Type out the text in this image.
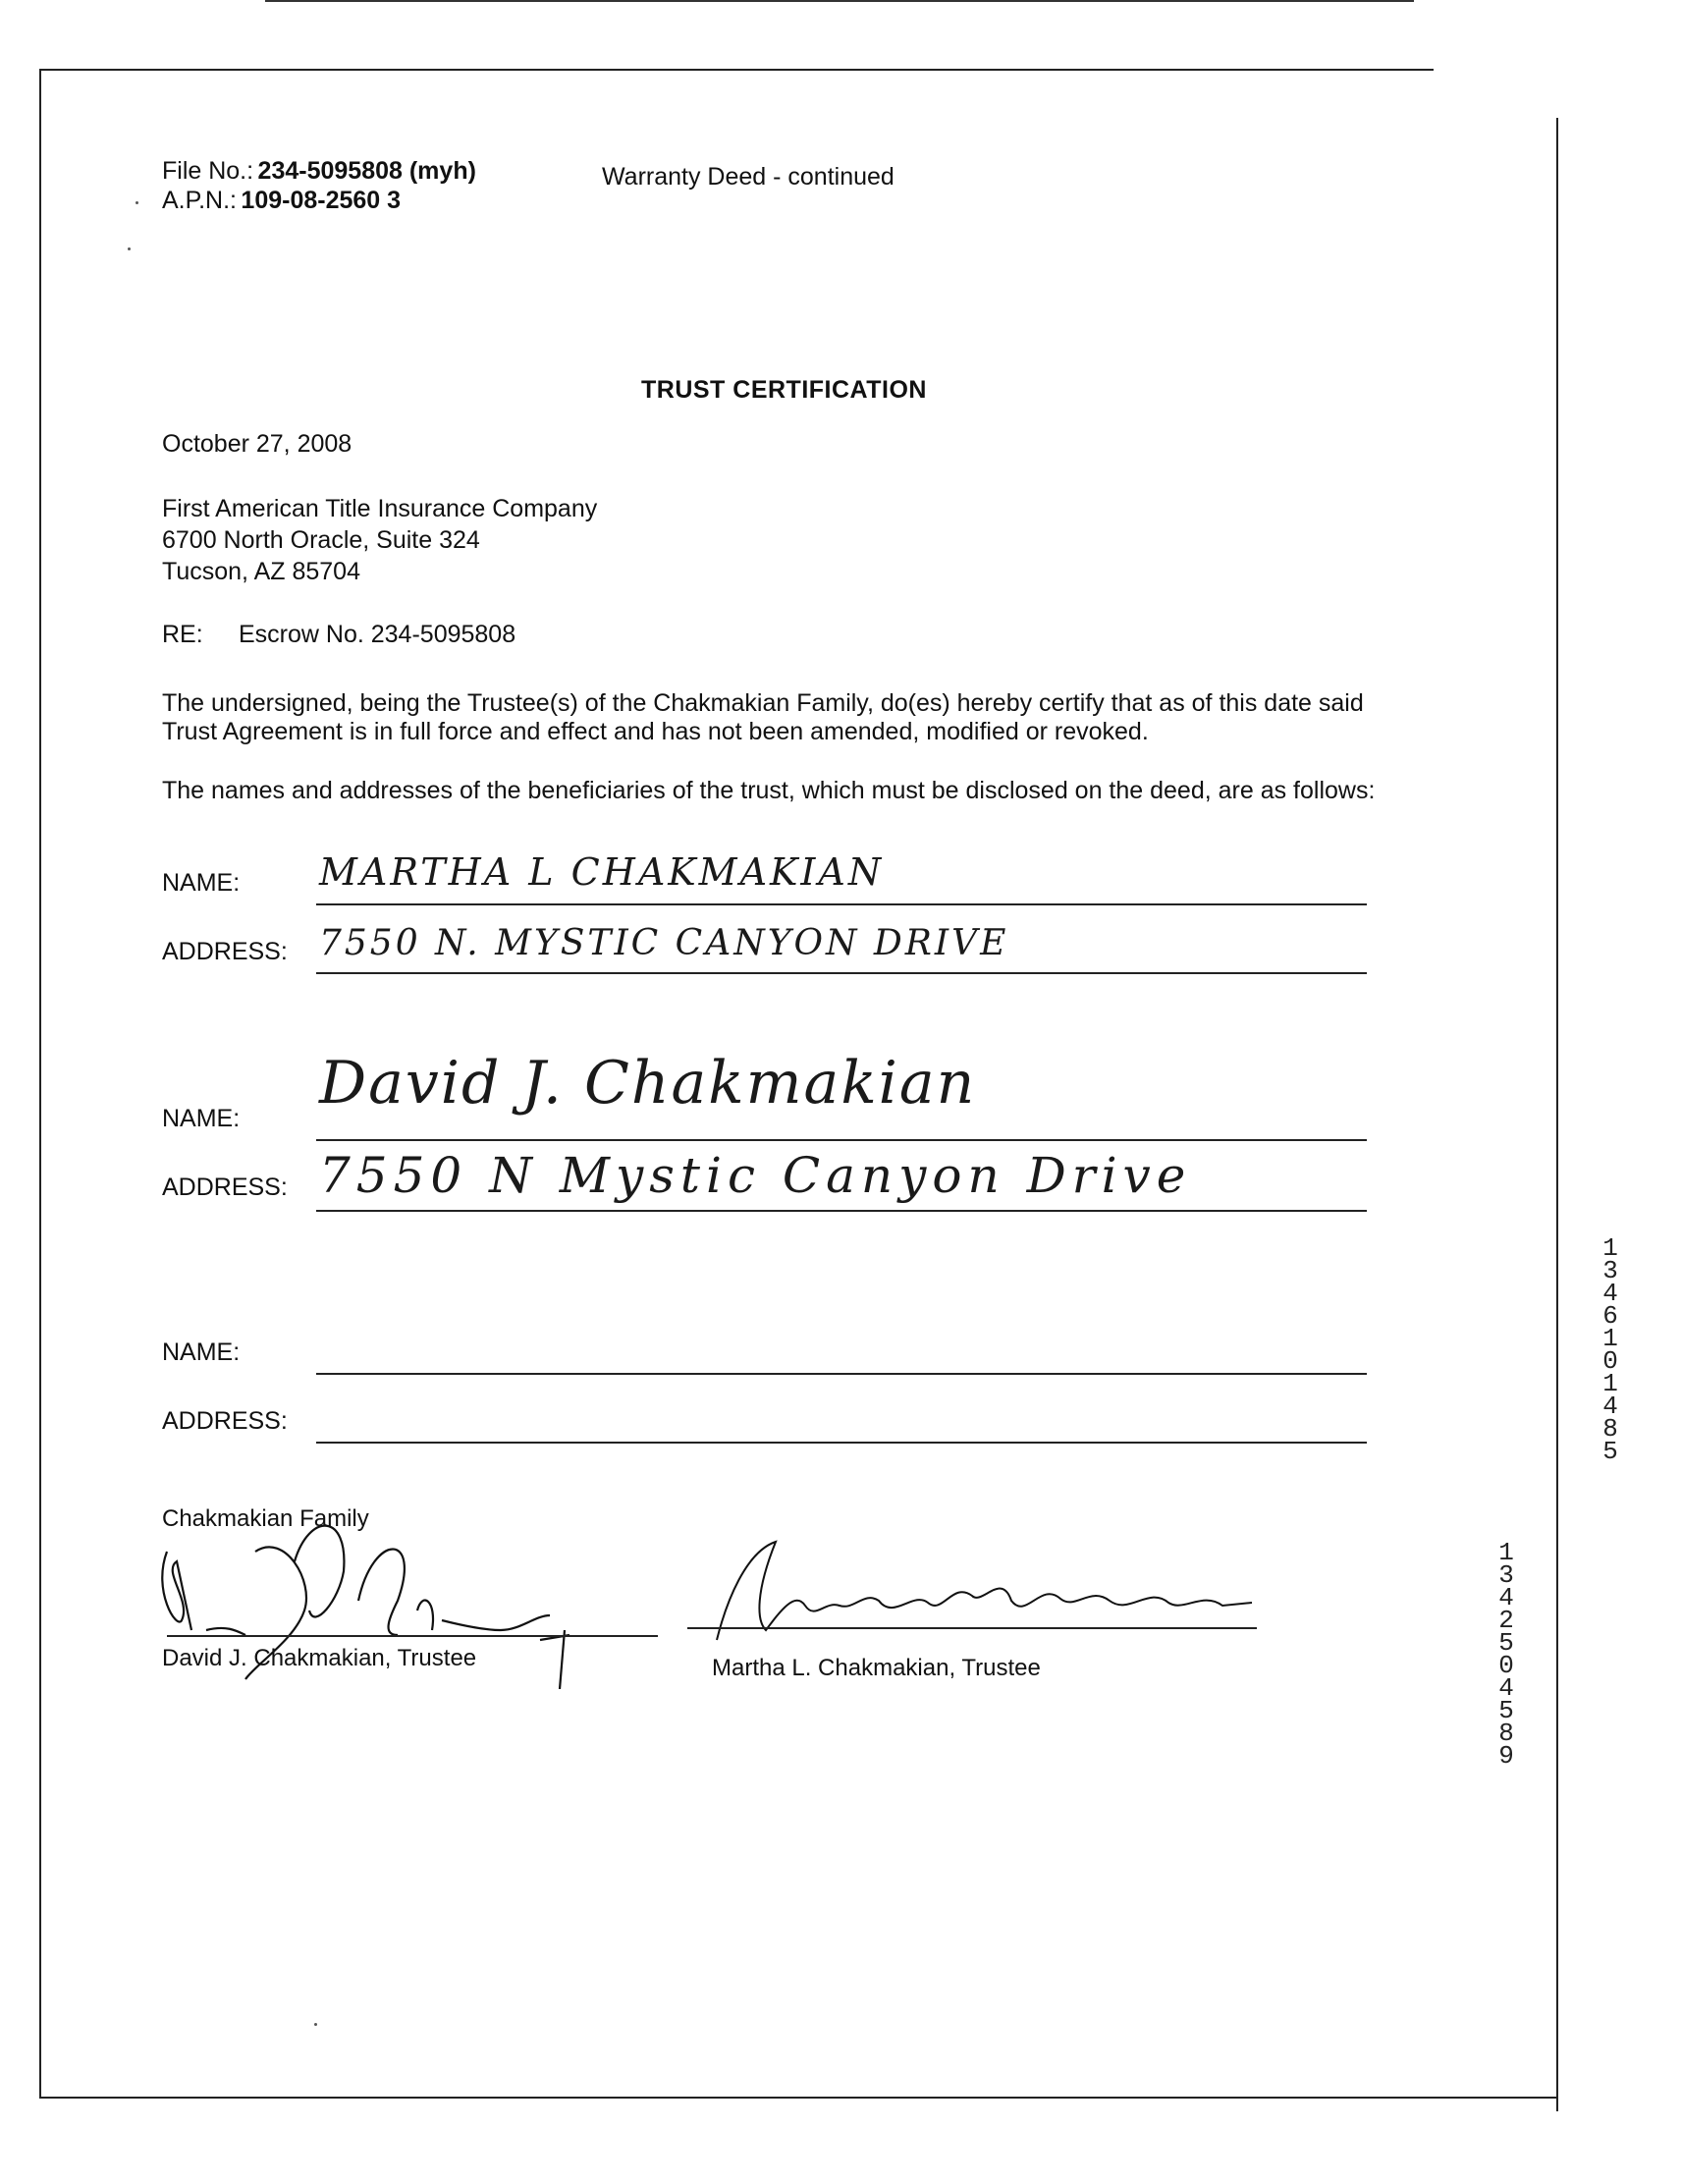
File No.: 234-5095808 (myh)
A.P.N.: 109-08-2560 3
Warranty Deed - continued
TRUST CERTIFICATION
October 27, 2008
First American Title Insurance Company
6700 North Oracle, Suite 324
Tucson, AZ 85704
RE: Escrow No. 234-5095808
The undersigned, being the Trustee(s) of the Chakmakian Family, do(es) hereby certify that as of this date said
Trust Agreement is in full force and effect and has not been amended, modified or revoked.
The names and addresses of the beneficiaries of the trust, which must be disclosed on the deed, are as follows:
NAME: MARTHA L CHAKMAKIAN
ADDRESS: 7550 N. MYSTIC CANYON DRIVE
NAME:
David J. Chakmakian
ADDRESS: 7550 N Mystic Canyon Drive
NAME:
ADDRESS:
Chakmakian Family
David J. Chakmakian, Trustee	Martha L. Chakmakian, Trustee
13461 01485
13425 04589
